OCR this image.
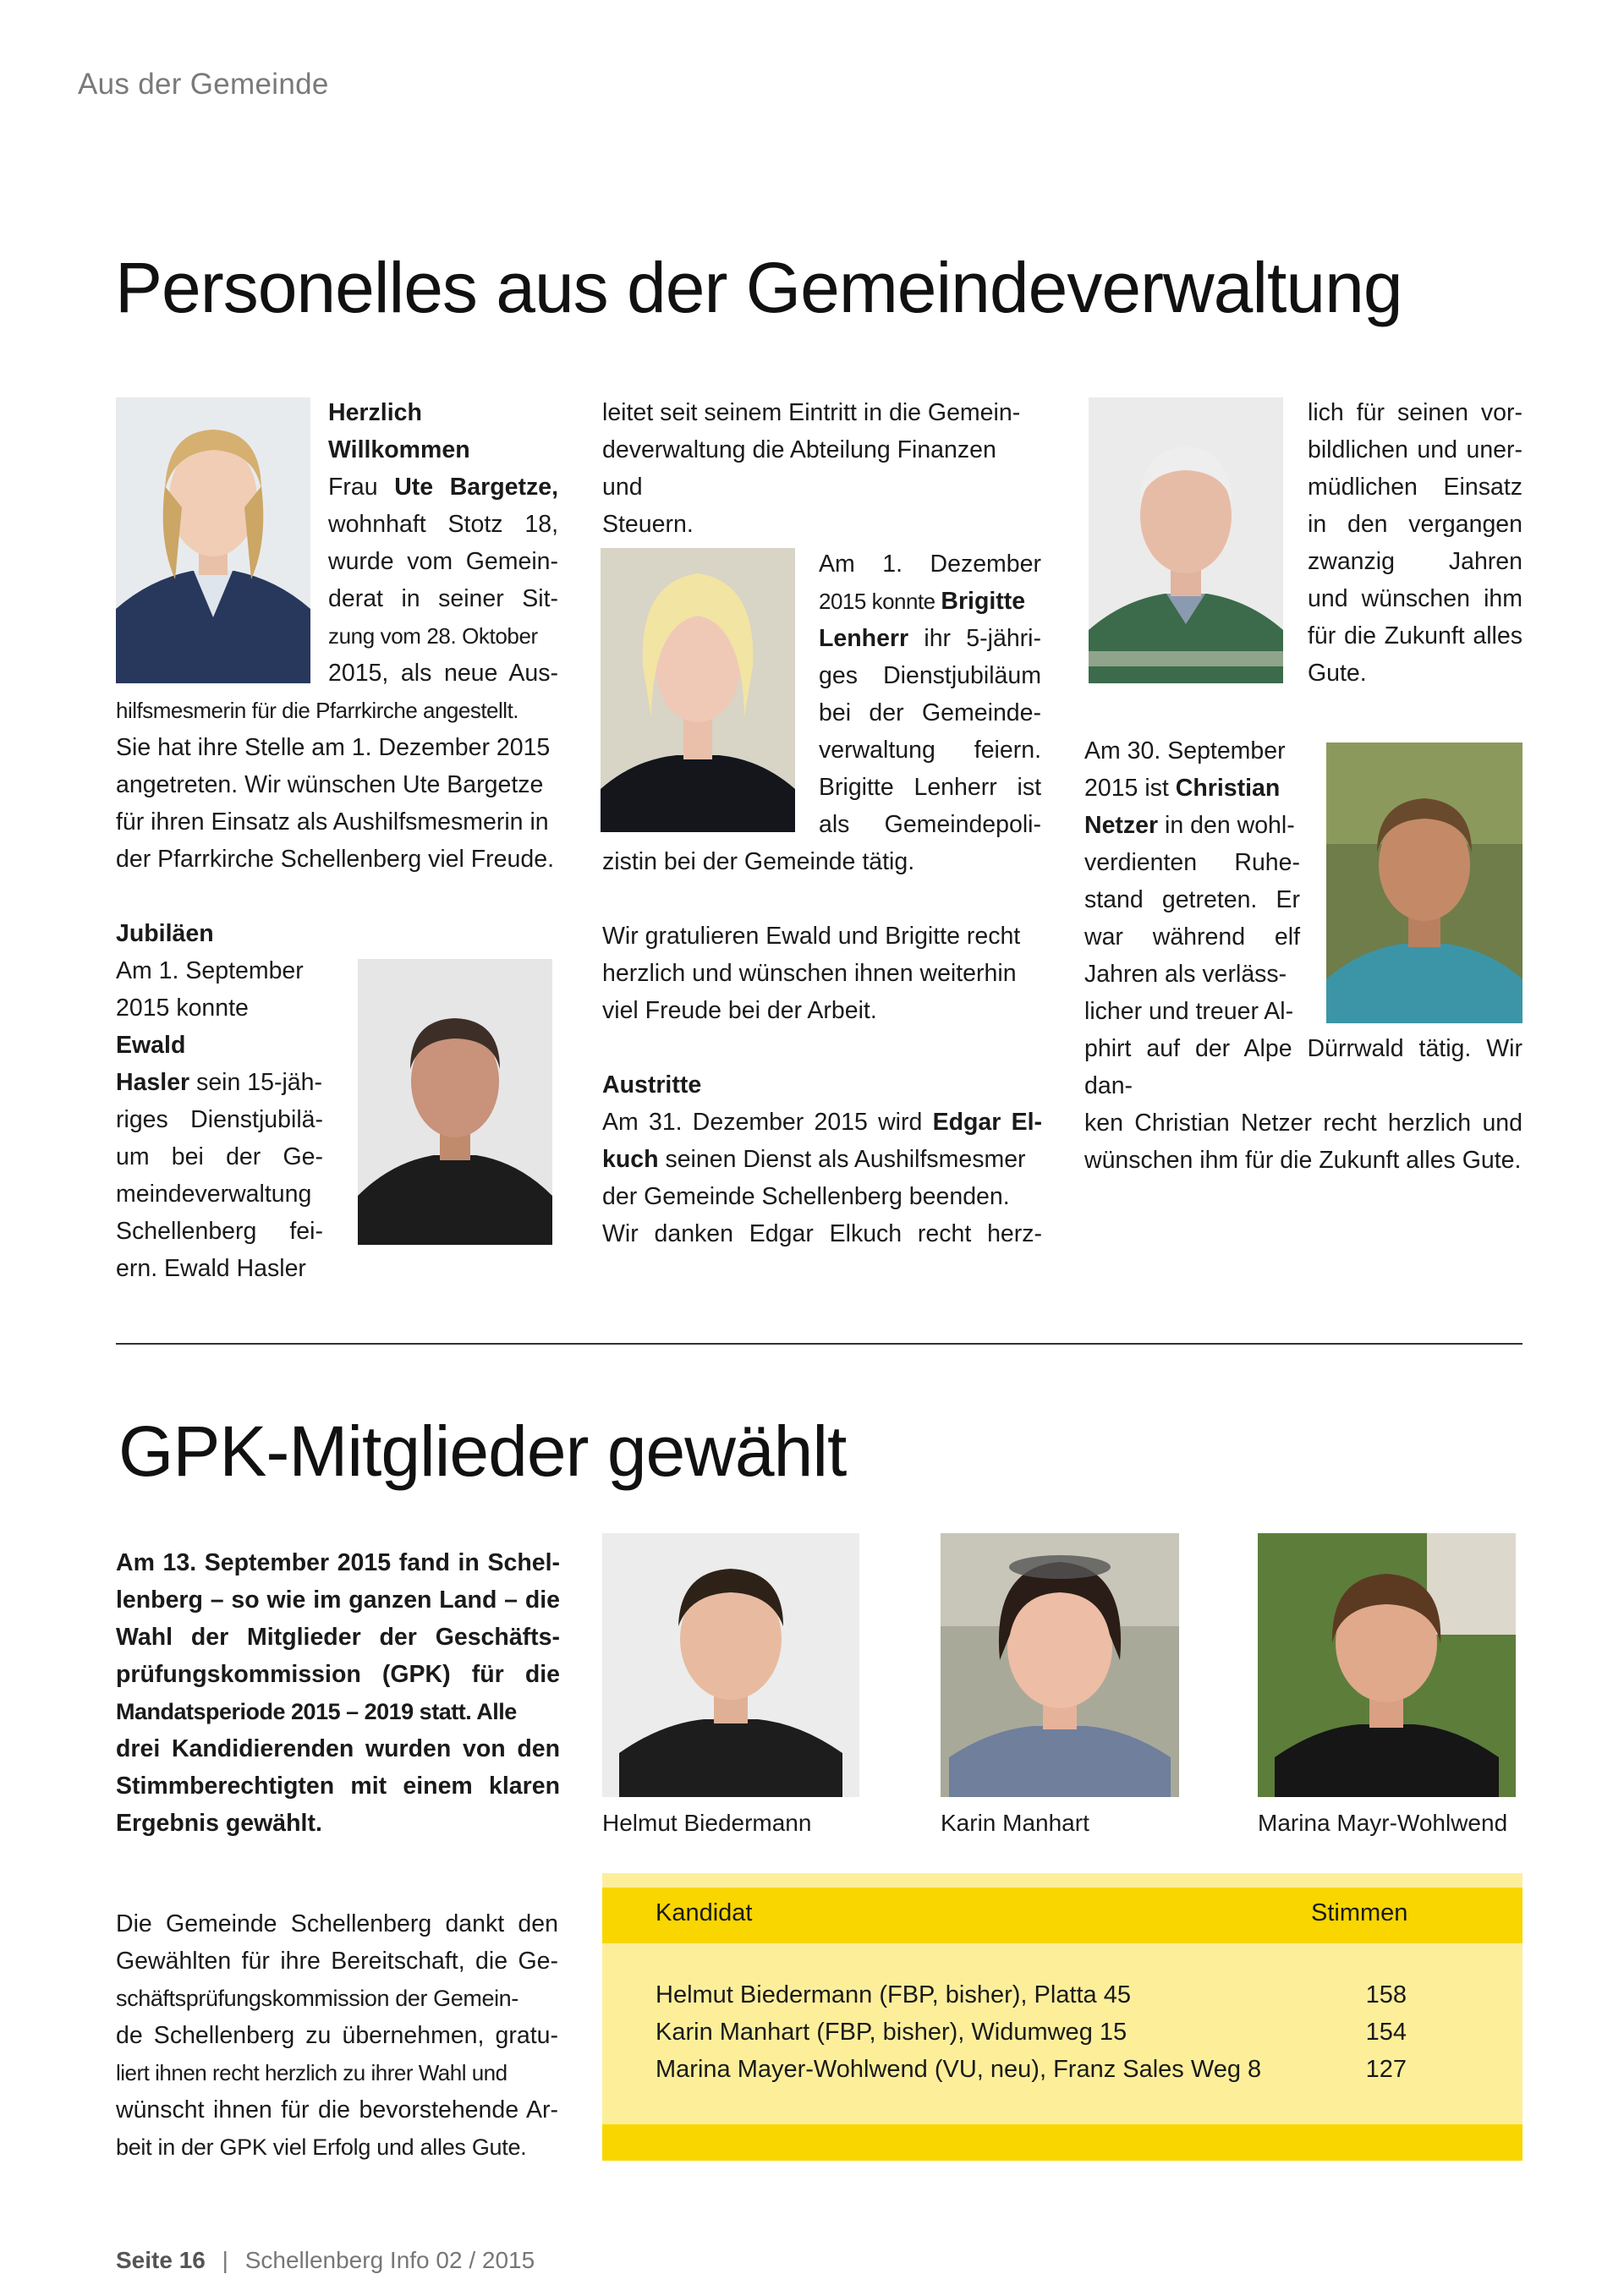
Aus der Gemeinde
Personelles aus der Gemeindeverwaltung

Herzlich

Willkommen

Frau Ute Bargetze,

wohnhaft Stotz 18,

wurde vom Gemein-

derat in seiner Sit-

zung vom 28. Oktober

2015, als neue Aus-

hilfsmesmerin für die Pfarrkirche angestellt.

Sie hat ihre Stelle am 1. Dezember 2015

angetreten. Wir wünschen Ute Bargetze

für ihren Einsatz als Aushilfsmesmerin in

der Pfarrkirche Schellenberg viel Freude.

Jubiläen

Am 1. September

2015 konnte Ewald

Hasler sein 15-jäh-

riges Dienstjubilä-

um bei der Ge-

meindeverwaltung

Schellenberg fei-

ern. Ewald Hasler

leitet seit seinem Eintritt in die Gemein-

deverwaltung die Abteilung Finanzen und

Steuern.

Am 1. Dezember

2015 konnte Brigitte

Lenherr ihr 5-jähri-

ges Dienstjubiläum

bei der Gemeinde-

verwaltung feiern.

Brigitte Lenherr ist

als Gemeindepoli-

zistin bei der Gemeinde tätig.

Wir gratulieren Ewald und Brigitte recht

herzlich und wünschen ihnen weiterhin

viel Freude bei der Arbeit.

Austritte

Am 31. Dezember 2015 wird Edgar El-

kuch seinen Dienst als Aushilfsmesmer

der Gemeinde Schellenberg beenden.

Wir danken Edgar Elkuch recht herz-

lich für seinen vor-

bildlichen und uner-

müdlichen Einsatz

in den vergangen

zwanzig Jahren

und wünschen ihm

für die Zukunft alles

Gute.

Am 30. September

2015 ist Christian

Netzer in den wohl-

verdienten Ruhe-

stand getreten. Er

war während elf

Jahren als verläss-

licher und treuer Al-

phirt auf der Alpe Dürrwald tätig. Wir dan-

ken Christian Netzer recht herzlich und

wünschen ihm für die Zukunft alles Gute.

GPK-Mitglieder gewählt

Am 13. September 2015 fand in Schel-

lenberg – so wie im ganzen Land – die

Wahl der Mitglieder der Geschäfts-

prüfungskommission (GPK) für die

Mandatsperiode 2015 – 2019 statt. Alle

drei Kandidierenden wurden von den

Stimmberechtigten mit einem klaren

Ergebnis gewählt.	Helmut Biedermann	Karin Manhart	Marina Mayr-Wohlwend

Die Gemeinde Schellenberg dankt den

Gewählten für ihre Bereitschaft, die Ge-

schäftsprüfungskommission der Gemein-

de Schellenberg zu übernehmen, gratu-

liert ihnen recht herzlich zu ihrer Wahl und

wünscht ihnen für die bevorstehende Ar-

beit in der GPK viel Erfolg und alles Gute.

Kandidat	Stimmen
Helmut Biedermann (FBP, bisher), Platta 45	158
Karin Manhart (FBP, bisher), Widumweg 15	154
Marina Mayer-Wohlwend (VU, neu), Franz Sales Weg 8	127
Seite 16 | Schellenberg Info 02 / 2015
